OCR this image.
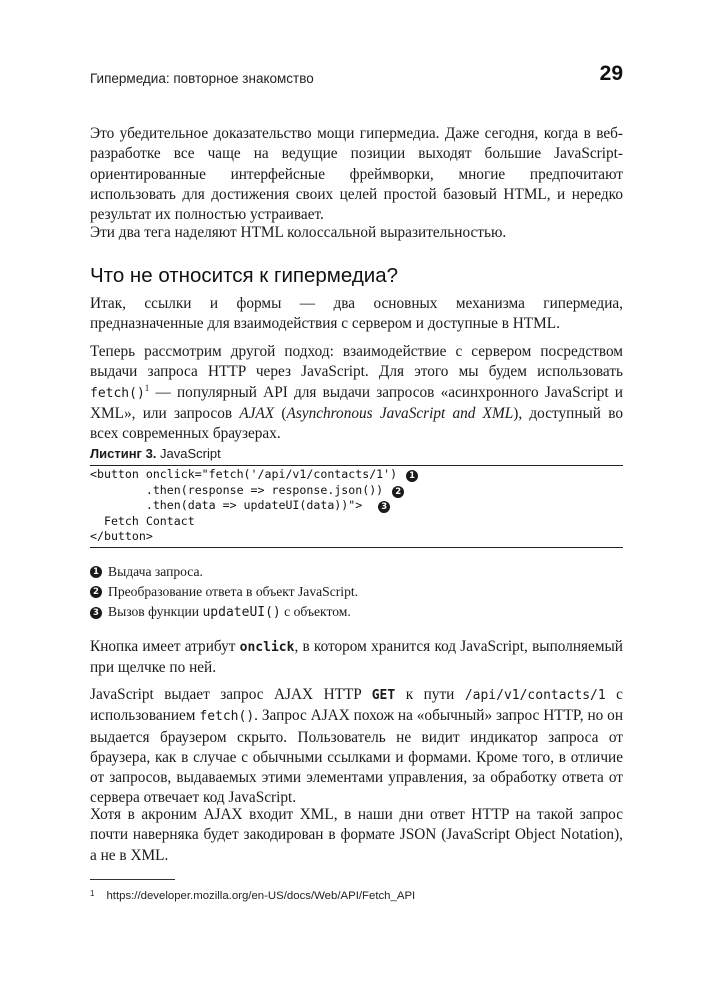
Гипермедиа: повторное знакомство	29

Это убедительное доказательство мощи гипермедиа. Даже сегодня, когда в веб-разработке все чаще на ведущие позиции выходят большие JavaScript-ориентированные интерфейсные фреймворки, многие предпочитают использовать для достижения своих целей простой базовый HTML, и нередко результат их полностью устраивает.

Эти два тега наделяют HTML колоссальной выразительностью.

Что не относится к гипермедиа?

Итак, ссылки и формы — два основных механизма гипермедиа, предназначенные для взаимодействия с сервером и доступные в HTML.

Теперь рассмотрим другой подход: взаимодействие с сервером посредством выдачи запроса HTTP через JavaScript. Для этого мы будем использовать fetch()$^1$ — популярный API для выдачи запросов «асинхронного JavaScript и XML», или запросов AJAX (Asynchronous JavaScript and XML), доступный во всех современных браузерах.

Листинг 3. JavaScript
<button onclick="fetch('/api/v1/contacts/1') 1
.then(response => response.json()) 2
.then(data => updateUI(data))">  3
Fetch Contact
</button>
1 Выдача запроса.
2 Преобразование ответа в объект JavaScript.
3 Вызов функции updateUI() с объектом.

Кнопка имеет атрибут onclick, в котором хранится код JavaScript, выполняемый при щелчке по ней.

JavaScript выдает запрос AJAX HTTP GET к пути /api/v1/contacts/1 с использованием fetch(). Запрос AJAX похож на «обычный» запрос HTTP, но он выдается браузером скрыто. Пользователь не видит индикатор запроса от браузера, как в случае с обычными ссылками и формами. Кроме того, в отличие от запросов, выдаваемых этими элементами управления, за обработку ответа от сервера отвечает код JavaScript.

Хотя в акроним AJAX входит XML, в наши дни ответ HTTP на такой запрос почти наверняка будет закодирован в формате JSON (JavaScript Object Notation), а не в XML.

$^1$ https://developer.mozilla.org/en-US/docs/Web/API/Fetch_API
